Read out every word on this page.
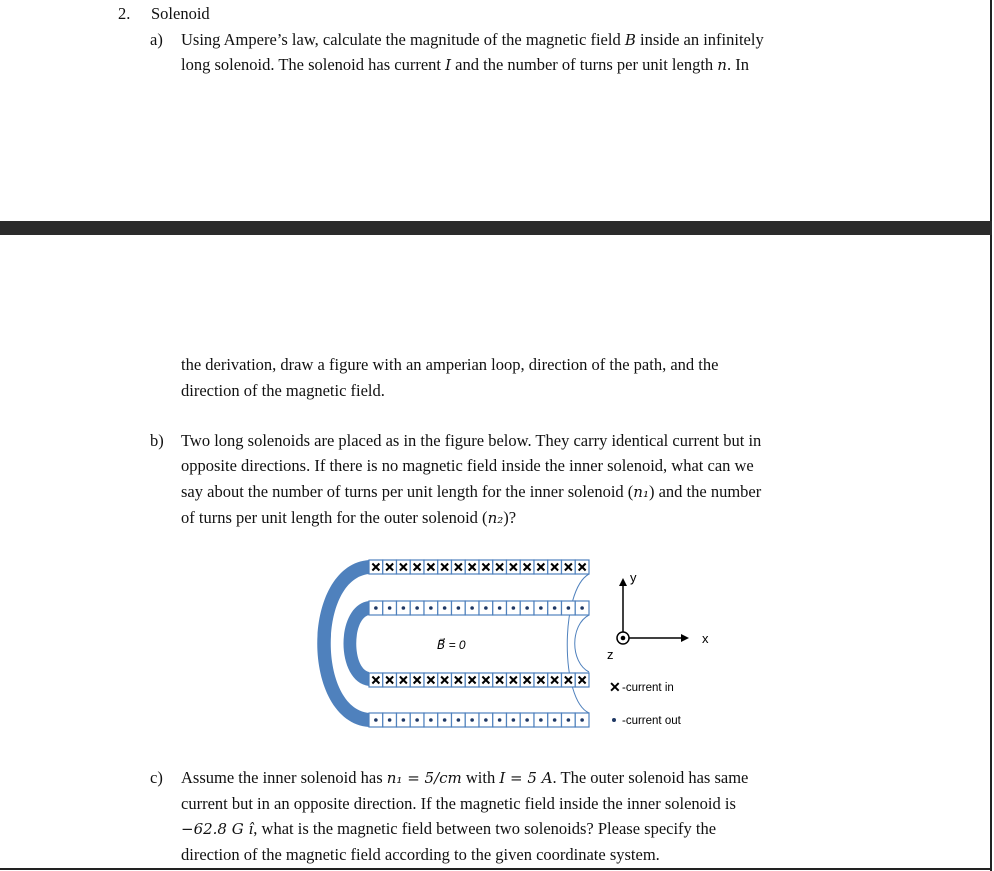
2. Solenoid
a)
b)
c)
Using Ampere’s law, calculate the magnitude of the magnetic field B inside an infinitely
long solenoid. The solenoid has current I and the number of turns per unit length n. In
the derivation, draw a figure with an amperian loop, direction of the path, and the
direction of the magnetic field.
Two long solenoids are placed as in the figure below. They carry identical current but in
opposite directions. If there is no magnetic field inside the inner solenoid, what can we
say about the number of turns per unit length for the inner solenoid (n₁) and the number
of turns per unit length for the outer solenoid (n₂)?
Assume the inner solenoid has n₁ = 5/cm with I = 5 A. The outer solenoid has same
current but in an opposite direction. If the magnetic field inside the inner solenoid is
−62.8 G î, what is the magnetic field between two solenoids? Please specify the
direction of the magnetic field according to the given coordinate system.
y
x
z
✕ -current in
-current out
B⃗ = 0
